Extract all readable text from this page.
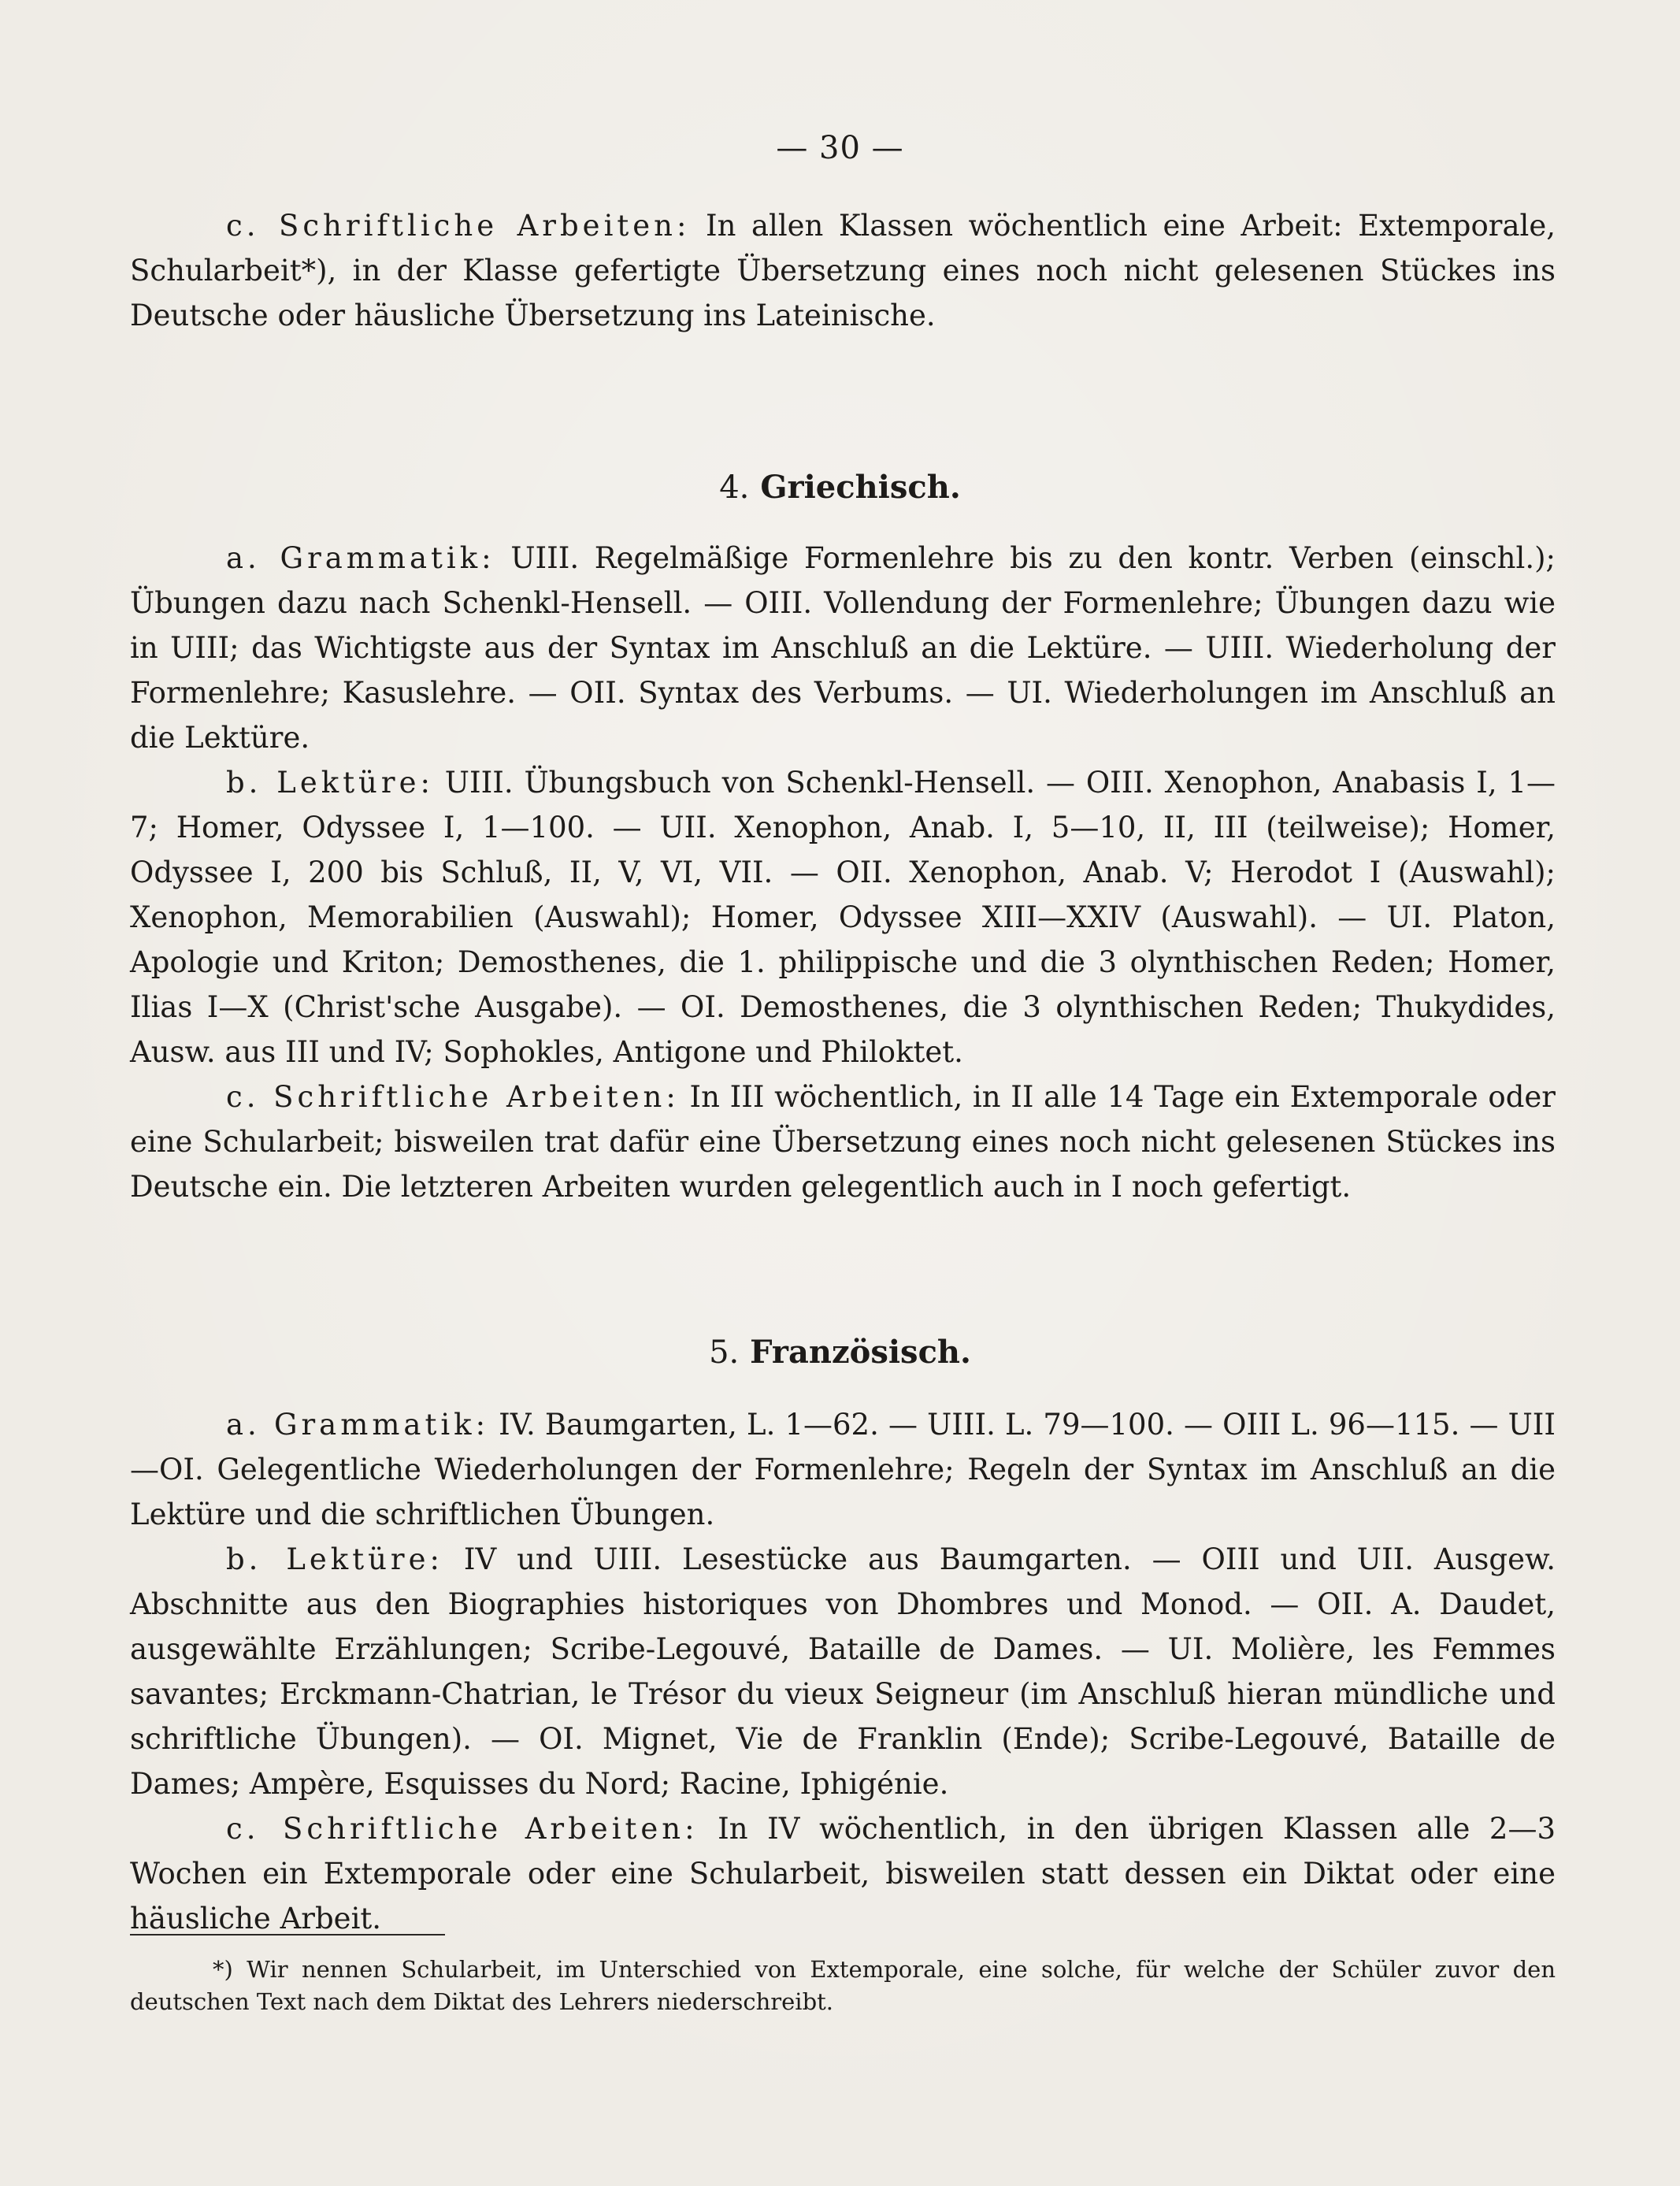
— 30 —

c. Schriftliche Arbeiten: In allen Klassen wöchentlich eine Arbeit: Extemporale, Schularbeit*), in der Klasse gefertigte Übersetzung eines noch nicht gelesenen Stückes ins Deutsche oder häusliche Übersetzung ins Lateinische.

4. Griechisch.

a. Grammatik: UIII. Regelmäßige Formenlehre bis zu den kontr. Verben (einschl.); Übungen dazu nach Schenkl-Hensell. — OIII. Vollendung der Formenlehre; Übungen dazu wie in UIII; das Wichtigste aus der Syntax im Anschluß an die Lektüre. — UIII. Wiederholung der Formenlehre; Kasuslehre. — OII. Syntax des Verbums. — UI. Wiederholungen im Anschluß an die Lektüre.

b. Lektüre: UIII. Übungsbuch von Schenkl-Hensell. — OIII. Xenophon, Anabasis I, 1—7; Homer, Odyssee I, 1—100. — UII. Xenophon, Anab. I, 5—10, II, III (teilweise); Homer, Odyssee I, 200 bis Schluß, II, V, VI, VII. — OII. Xenophon, Anab. V; Herodot I (Auswahl); Xenophon, Memorabilien (Auswahl); Homer, Odyssee XIII—XXIV (Auswahl). — UI. Platon, Apologie und Kriton; Demosthenes, die 1. philippische und die 3 olynthischen Reden; Homer, Ilias I—X (Christ'sche Ausgabe). — OI. Demosthenes, die 3 olynthischen Reden; Thukydides, Ausw. aus III und IV; Sophokles, Antigone und Philoktet.

c. Schriftliche Arbeiten: In III wöchentlich, in II alle 14 Tage ein Extemporale oder eine Schularbeit; bisweilen trat dafür eine Übersetzung eines noch nicht gelesenen Stückes ins Deutsche ein. Die letzteren Arbeiten wurden gelegentlich auch in I noch gefertigt.

5. Französisch.

a. Grammatik: IV. Baumgarten, L. 1—62. — UIII. L. 79—100. — OIII L. 96—115. — UII—OI. Gelegentliche Wiederholungen der Formenlehre; Regeln der Syntax im Anschluß an die Lektüre und die schriftlichen Übungen.

b. Lektüre: IV und UIII. Lesestücke aus Baumgarten. — OIII und UII. Ausgew. Abschnitte aus den Biographies historiques von Dhombres und Monod. — OII. A. Daudet, ausgewählte Erzählungen; Scribe-Legouvé, Bataille de Dames. — UI. Molière, les Femmes savantes; Erckmann-Chatrian, le Trésor du vieux Seigneur (im Anschluß hieran mündliche und schriftliche Übungen). — OI. Mignet, Vie de Franklin (Ende); Scribe-Legouvé, Bataille de Dames; Ampère, Esquisses du Nord; Racine, Iphigénie.

c. Schriftliche Arbeiten: In IV wöchentlich, in den übrigen Klassen alle 2—3 Wochen ein Extemporale oder eine Schularbeit, bisweilen statt dessen ein Diktat oder eine häusliche Arbeit.

*) Wir nennen Schularbeit, im Unterschied von Extemporale, eine solche, für welche der Schüler zuvor den deutschen Text nach dem Diktat des Lehrers niederschreibt.
